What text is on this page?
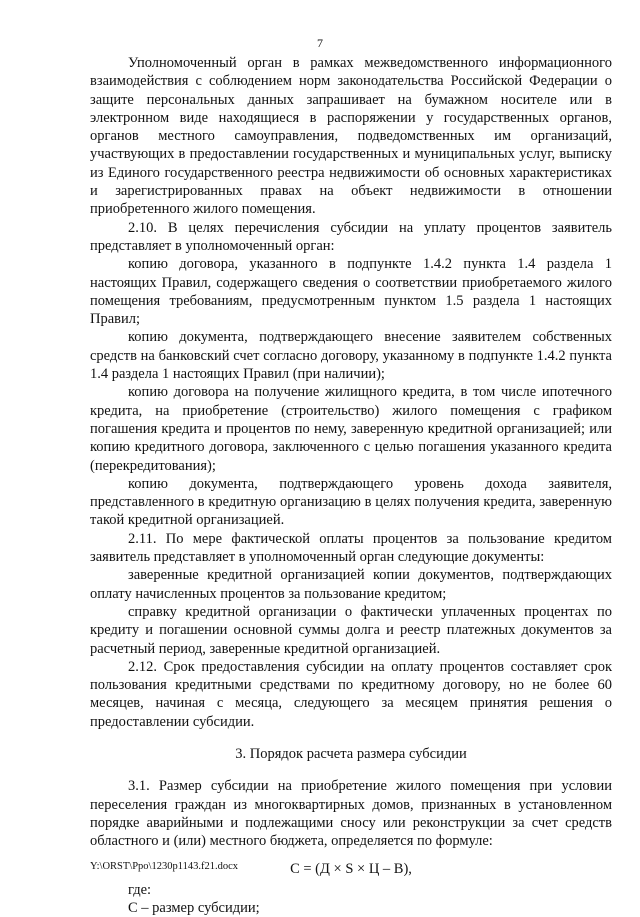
7

Уполномоченный орган в рамках межведомственного информационного взаимодействия с соблюдением норм законодательства Российской Федерации о защите персональных данных запрашивает на бумажном носителе или в электронном виде находящиеся в распоряжении у государственных органов, органов местного самоуправления, подведомственных им организаций, участвующих в предоставлении государственных и муниципальных услуг, выписку из Единого государственного реестра недвижимости об основных характеристиках и зарегистрированных правах на объект недвижимости в отношении приобретенного жилого помещения.

2.10. В целях перечисления субсидии на уплату процентов заявитель представляет в уполномоченный орган:

копию договора, указанного в подпункте 1.4.2 пункта 1.4 раздела 1 настоящих Правил, содержащего сведения о соответствии приобретаемого жилого помещения требованиям, предусмотренным пунктом 1.5 раздела 1 настоящих Правил;

копию документа, подтверждающего внесение заявителем собственных средств на банковский счет согласно договору, указанному в подпункте 1.4.2 пункта 1.4 раздела 1 настоящих Правил (при наличии);

копию договора на получение жилищного кредита, в том числе ипотечного кредита, на приобретение (строительство) жилого помещения с графиком погашения кредита и процентов по нему, заверенную кредитной организацией; или копию кредитного договора, заключенного с целью погашения указанного кредита (перекредитования);

копию документа, подтверждающего уровень дохода заявителя, представленного в кредитную организацию в целях получения кредита, заверенную такой кредитной организацией.

2.11. По мере фактической оплаты процентов за пользование кредитом заявитель представляет в уполномоченный орган следующие документы:

заверенные кредитной организацией копии документов, подтверждающих оплату начисленных процентов за пользование кредитом;

справку кредитной организации о фактически уплаченных процентах по кредиту и погашении основной суммы долга и реестр платежных документов за расчетный период, заверенные кредитной организацией.

2.12. Срок предоставления субсидии на оплату процентов составляет срок пользования кредитными средствами по кредитному договору, но не более 60 месяцев, начиная с месяца, следующего за месяцем принятия решения о предоставлении субсидии.

3. Порядок расчета размера субсидии

3.1. Размер субсидии на приобретение жилого помещения при условии переселения граждан из многоквартирных домов, признанных в установленном порядке аварийными и подлежащими сносу или реконструкции за счет средств областного и (или) местного бюджета, определяется по формуле:

С = (Д × S × Ц – В),

где:

С – размер субсидии;

Y:\ORST\Ppo\1230p1143.f21.docx
